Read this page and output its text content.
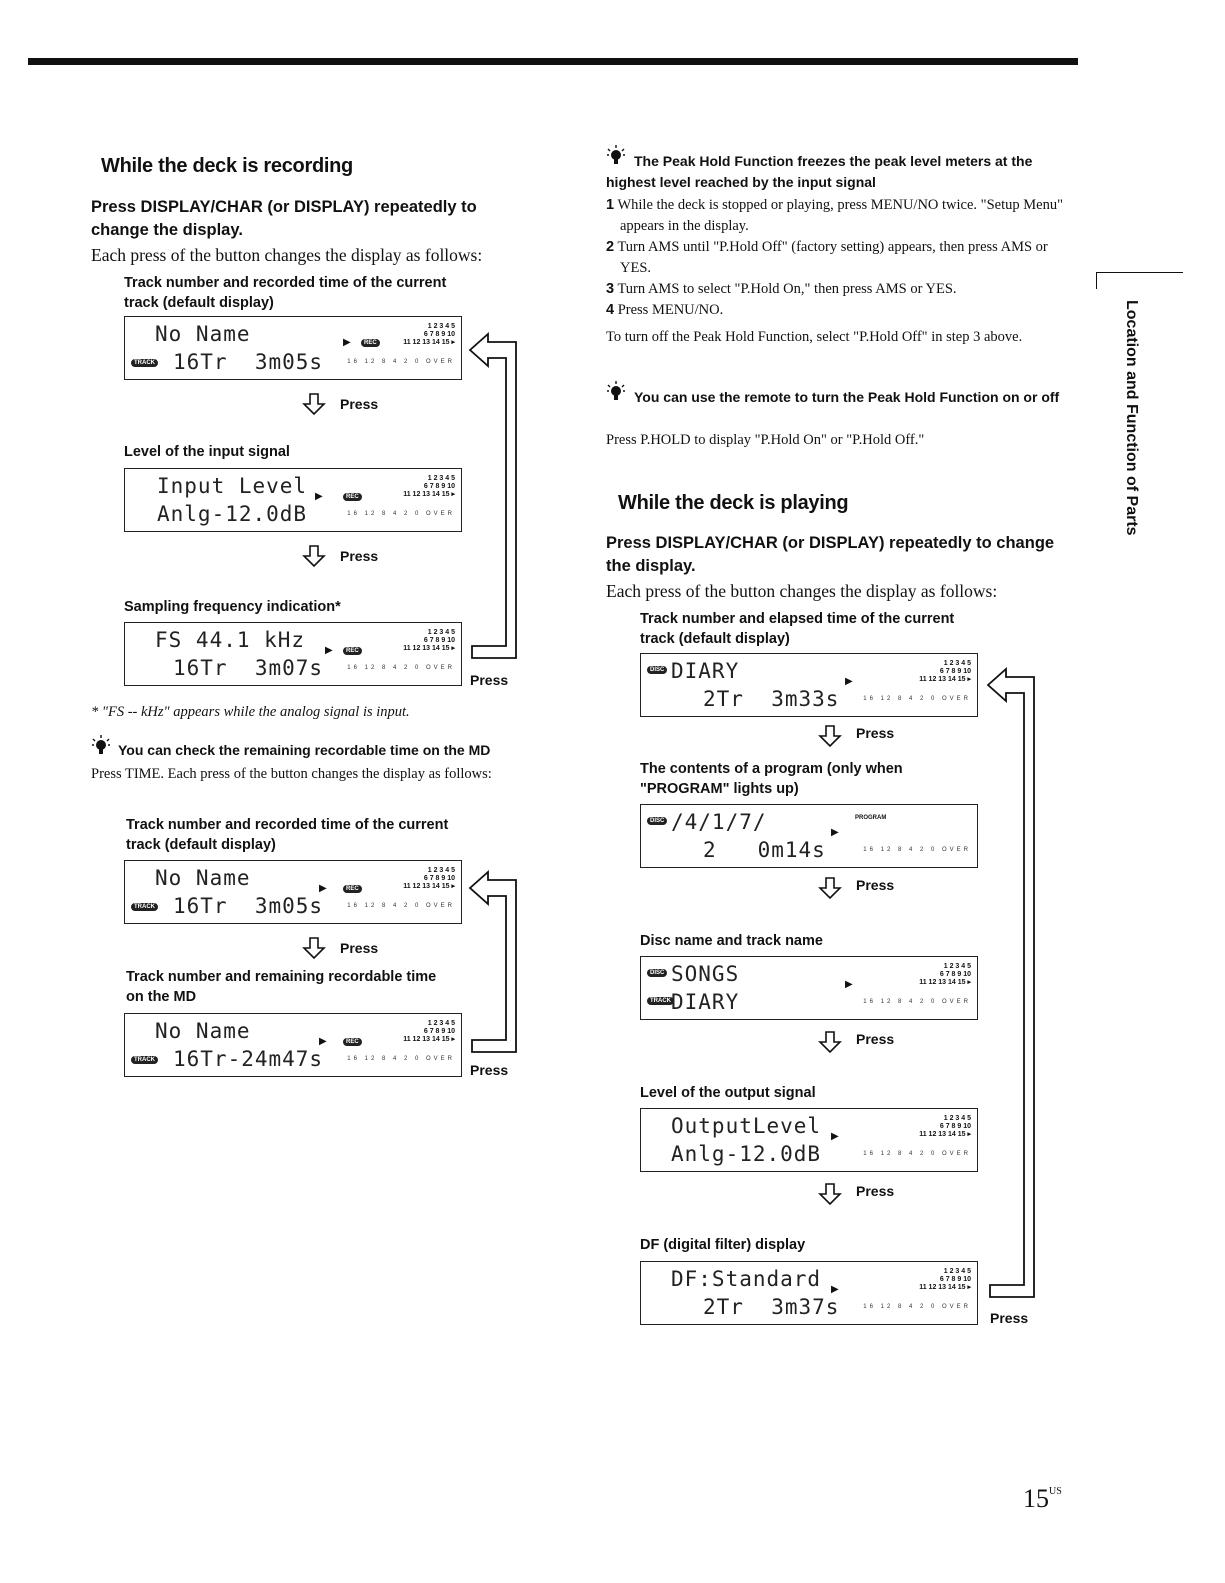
While the deck is recording
Press DISPLAY/CHAR (or DISPLAY) repeatedly to change the display.
Each press of the button changes the display as follows:
Track number and recorded time of the current track (default display)
No Name
TRACK 16Tr  3m05s
▶	REC
1 2 3 4 5
6 7 8 9 10
11 12 13 14 15 ▸
16 12 8 4 2 0 OVER
Press
Level of the input signal
Input Level
Anlg-12.0dB
▶	REC
1 2 3 4 5
6 7 8 9 10
11 12 13 14 15 ▸
16 12 8 4 2 0 OVER
Press
Sampling frequency indication*
FS 44.1 kHz
16Tr  3m07s
▶	REC
1 2 3 4 5
6 7 8 9 10
11 12 13 14 15 ▸
16 12 8 4 2 0 OVER
Press
* "FS -- kHz" appears while the analog signal is input.
You can check the remaining recordable time on the MD
Press TIME. Each press of the button changes the display as follows:
Track number and recorded time of the current track (default display)
No Name
TRACK 16Tr  3m05s
▶	REC
1 2 3 4 5
6 7 8 9 10
11 12 13 14 15 ▸
16 12 8 4 2 0 OVER
Press
Track number and remaining recordable time on the MD
No Name
TRACK 16Tr-24m47s
▶	REC
1 2 3 4 5
6 7 8 9 10
11 12 13 14 15 ▸
16 12 8 4 2 0 OVER
Press
The Peak Hold Function freezes the peak level meters at the highest level reached by the input signal
1 While the deck is stopped or playing, press MENU/NO twice. "Setup Menu" appears in the display.
2 Turn AMS until "P.Hold Off" (factory setting) appears, then press AMS or YES.
3 Turn AMS to select "P.Hold On," then press AMS or YES.
4 Press MENU/NO.
To turn off the Peak Hold Function, select "P.Hold Off" in step 3 above.
You can use the remote to turn the Peak Hold Function on or off
Press P.HOLD to display "P.Hold On" or "P.Hold Off."
While the deck is playing
Press DISPLAY/CHAR (or DISPLAY) repeatedly to change the display.
Each press of the button changes the display as follows:
Track number and elapsed time of the current track (default display)
DISC DIARY
2Tr  3m33s
▶
1 2 3 4 5
6 7 8 9 10
11 12 13 14 15 ▸
16 12 8 4 2 0 OVER
Press
The contents of a program (only when "PROGRAM" lights up)
DISC /4/1/7/
2   0m14s
▶
PROGRAM
16 12 8 4 2 0 OVER
Press
Disc name and track name
DISC SONGS
TRACK DIARY
▶
1 2 3 4 5
6 7 8 9 10
11 12 13 14 15 ▸
16 12 8 4 2 0 OVER
Press
Level of the output signal
OutputLevel
Anlg-12.0dB
▶
1 2 3 4 5
6 7 8 9 10
11 12 13 14 15 ▸
16 12 8 4 2 0 OVER
Press
DF (digital filter) display
DF:Standard
2Tr  3m37s
▶
1 2 3 4 5
6 7 8 9 10
11 12 13 14 15 ▸
16 12 8 4 2 0 OVER
Press
Location and Function of Parts
$15^{US}$
